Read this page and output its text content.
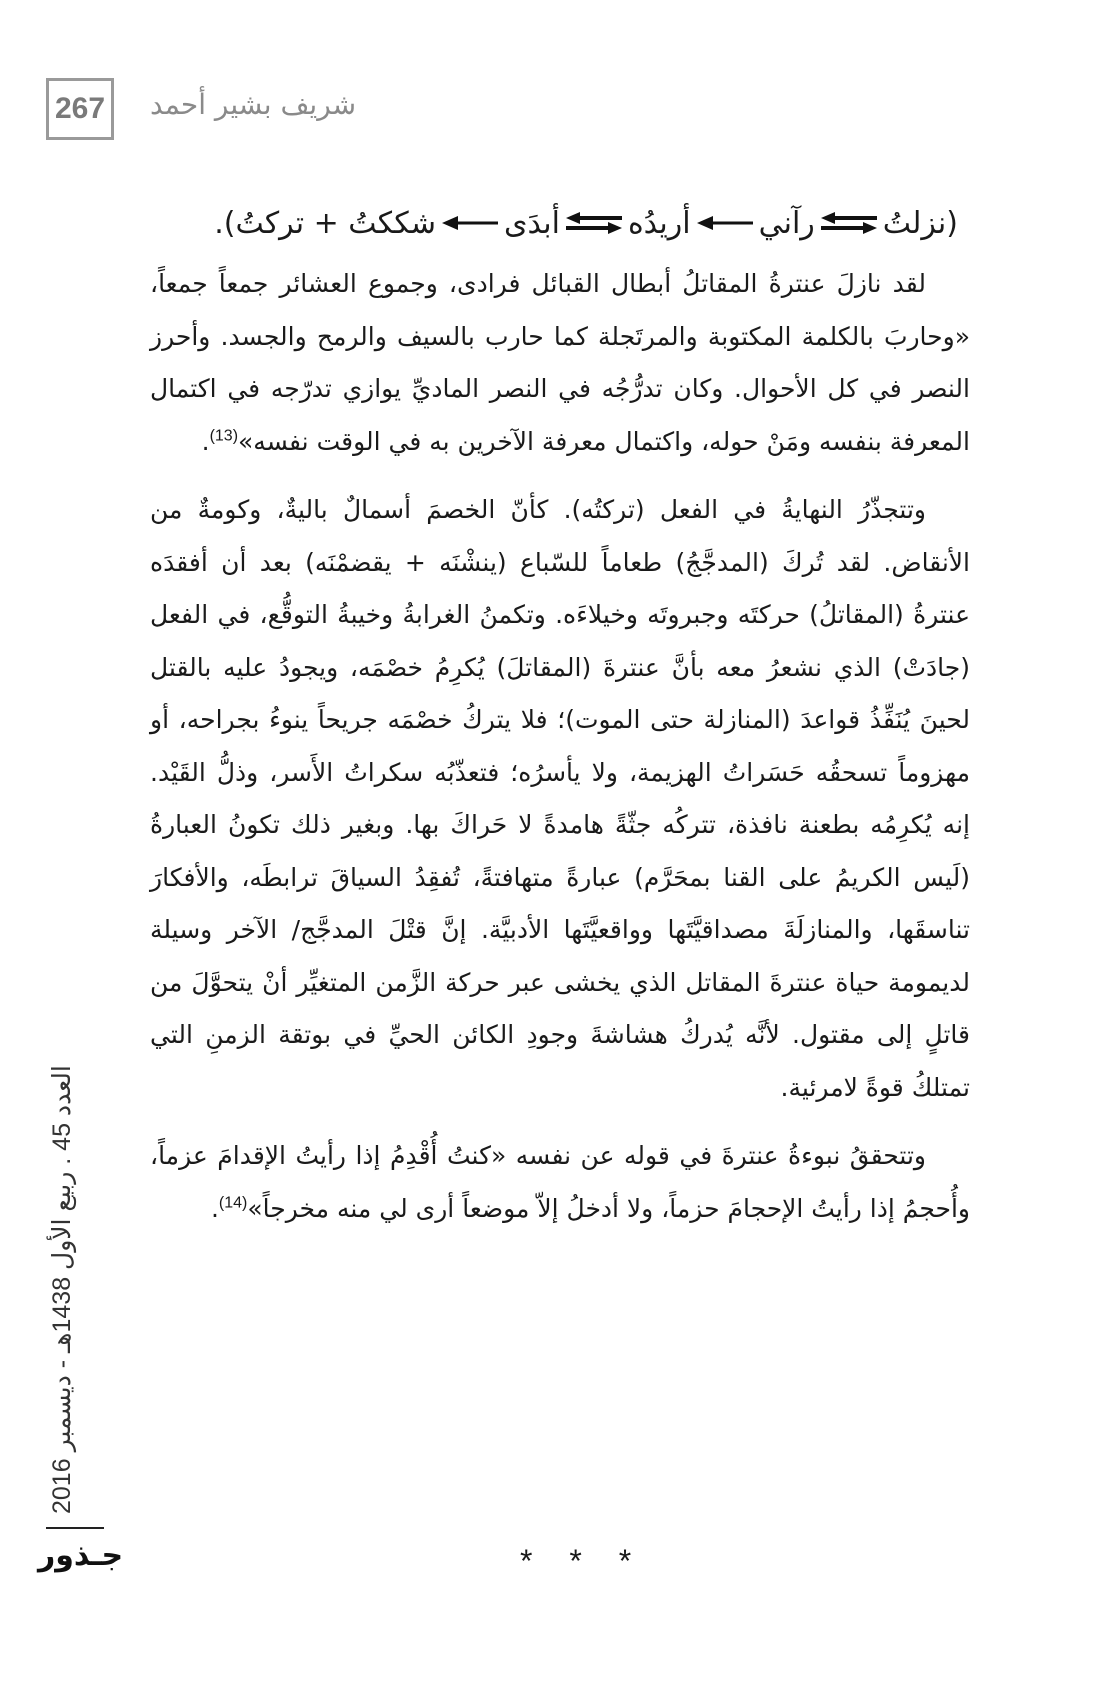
267 شريف بشير أحمد
(نزلتُ
رآني
أريدُه
أبدَى
شككتُ + تركتُ).

لقد نازلَ عنترةُ المقاتلُ أبطال القبائل فرادى، وجموع العشائر جمعاً جمعاً، «وحاربَ بالكلمة المكتوبة والمرتَجلة كما حارب بالسيف والرمح والجسد. وأحرز النصر في كل الأحوال. وكان تدرُّجُه في النصر الماديِّ يوازي تدرّجه في اكتمال المعرفة بنفسه ومَنْ حوله، واكتمال معرفة الآخرين به في الوقت نفسه»$^{(13)}$.

وتتجذّرُ النهايةُ في الفعل (تركتُه). كأنّ الخصمَ أسمالٌ باليةٌ، وكومةٌ من الأنقاض. لقد تُركَ (المدجَّجُ) طعاماً للسّباع (ينشْنَه + يقضمْنَه) بعد أن أفقدَه عنترةُ (المقاتلُ) حركتَه وجبروتَه وخيلاءَه. وتكمنُ الغرابةُ وخيبةُ التوقُّع، في الفعل (جادَتْ) الذي نشعرُ معه بأنَّ عنترةَ (المقاتلَ) يُكرِمُ خصْمَه، ويجودُ عليه بالقتل لحينَ يُنَفِّذُ قواعدَ (المنازلة حتى الموت)؛ فلا يتركُ خصْمَه جريحاً ينوءُ بجراحه، أو مهزوماً تسحقُه حَسَراتُ الهزيمة، ولا يأسرُه؛ فتعذّبُه سكراتُ الأَسر، وذلُّ القَيْد. إنه يُكرِمُه بطعنة نافذة، تتركُه جثّةً هامدةً لا حَراكَ بها. وبغير ذلك تكونُ العبارةُ (لَيس الكريمُ على القنا بمحَرَّم) عبارةً متهافتةً، تُفقِدُ السياقَ ترابطَه، والأفكارَ تناسقَها، والمنازلَةَ مصداقيَّتَها وواقعيَّتَها الأدبيَّة. إنَّ قتْلَ المدجَّج/ الآخر وسيلة لديمومة حياة عنترةَ المقاتل الذي يخشى عبر حركة الزَّمن المتغيِّر أنْ يتحوَّلَ من قاتلٍ إلى مقتول. لأنَّه يُدركُ هشاشةَ وجودِ الكائن الحيِّ في بوتقة الزمنِ التي تمتلكُ قوةً لامرئية.

وتتحققُ نبوءةُ عنترةَ في قوله عن نفسه «كنتُ أُقْدِمُ إذا رأيتُ الإقدامَ عزماً، وأُحجمُ إذا رأيتُ الإحجامَ حزماً، ولا أدخلُ إلاّ موضعاً أرى لي منه مخرجاً»$^{(14)}$.

* * *
العدد 45 . ربيع الأول 1438هـ - ديسمبر 2016
جـذور
